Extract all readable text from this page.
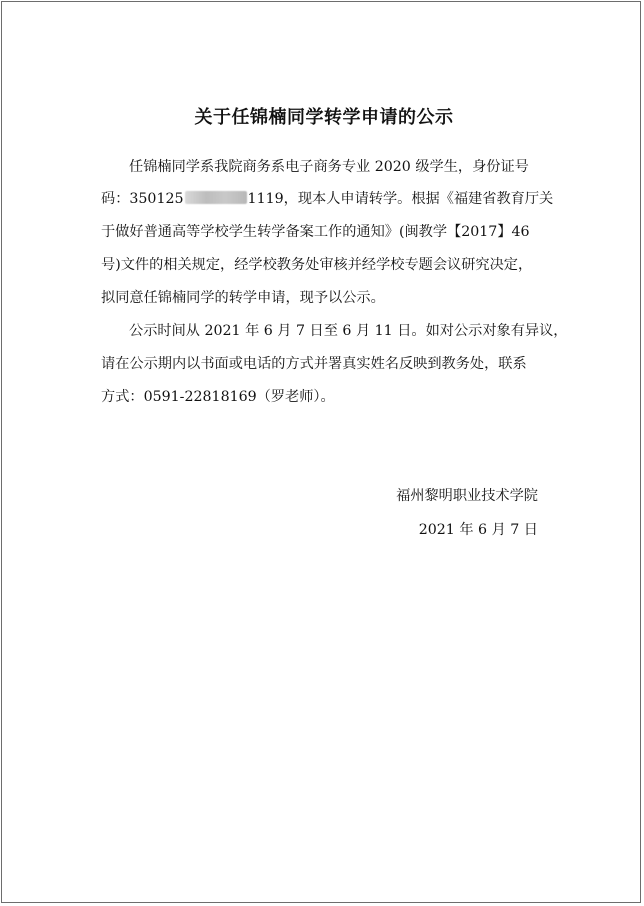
关于任锦楠同学转学申请的公示
任锦楠同学系我院商务系电子商务专业 2020 级学生，身份证号
码：350125	1119，现本人申请转学。根据《福建省教育厅关
于做好普通高等学校学生转学备案工作的通知》(闽教学【2017】46
号)文件的相关规定，经学校教务处审核并经学校专题会议研究决定，
拟同意任锦楠同学的转学申请，现予以公示。
公示时间从 2021 年 6 月 7 日至 6 月 11 日。如对公示对象有异议，
请在公示期内以书面或电话的方式并署真实姓名反映到教务处，联系
方式：0591-22818169（罗老师）。
福州黎明职业技术学院
2021 年 6 月 7 日
